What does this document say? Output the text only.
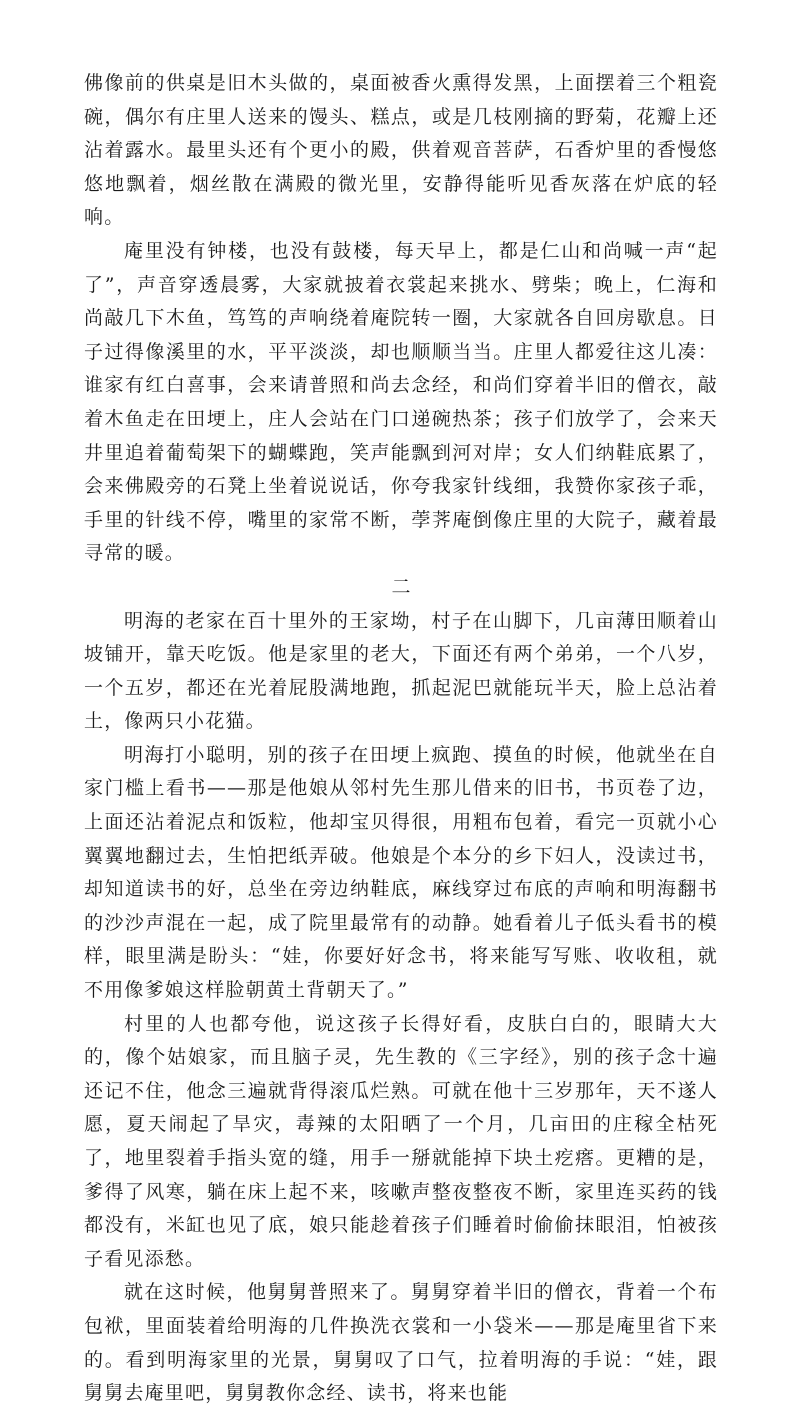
佛像前的供桌是旧木头做的，桌面被香火熏得发黑，上面摆着三个粗瓷碗，偶尔有庄里人送来的馒头、糕点，或是几枝刚摘的野菊，花瓣上还沾着露水。最里头还有个更小的殿，供着观音菩萨，石香炉里的香慢悠悠地飘着，烟丝散在满殿的微光里，安静得能听见香灰落在炉底的轻响。

庵里没有钟楼，也没有鼓楼，每天早上，都是仁山和尚喊一声“起了”，声音穿透晨雾，大家就披着衣裳起来挑水、劈柴；晚上，仁海和尚敲几下木鱼，笃笃的声响绕着庵院转一圈，大家就各自回房歇息。日子过得像溪里的水，平平淡淡，却也顺顺当当。庄里人都爱往这儿凑：谁家有红白喜事，会来请普照和尚去念经，和尚们穿着半旧的僧衣，敲着木鱼走在田埂上，庄人会站在门口递碗热茶；孩子们放学了，会来天井里追着葡萄架下的蝴蝶跑，笑声能飘到河对岸；女人们纳鞋底累了，会来佛殿旁的石凳上坐着说说话，你夸我家针线细，我赞你家孩子乖，手里的针线不停，嘴里的家常不断，荸荠庵倒像庄里的大院子，藏着最寻常的暖。

二

明海的老家在百十里外的王家坳，村子在山脚下，几亩薄田顺着山坡铺开，靠天吃饭。他是家里的老大，下面还有两个弟弟，一个八岁，一个五岁，都还在光着屁股满地跑，抓起泥巴就能玩半天，脸上总沾着土，像两只小花猫。

明海打小聪明，别的孩子在田埂上疯跑、摸鱼的时候，他就坐在自家门槛上看书——那是他娘从邻村先生那儿借来的旧书，书页卷了边，上面还沾着泥点和饭粒，他却宝贝得很，用粗布包着，看完一页就小心翼翼地翻过去，生怕把纸弄破。他娘是个本分的乡下妇人，没读过书，却知道读书的好，总坐在旁边纳鞋底，麻线穿过布底的声响和明海翻书的沙沙声混在一起，成了院里最常有的动静。她看着儿子低头看书的模样，眼里满是盼头：“娃，你要好好念书，将来能写写账、收收租，就不用像爹娘这样脸朝黄土背朝天了。”

村里的人也都夸他，说这孩子长得好看，皮肤白白的，眼睛大大的，像个姑娘家，而且脑子灵，先生教的《三字经》，别的孩子念十遍还记不住，他念三遍就背得滚瓜烂熟。可就在他十三岁那年，天不遂人愿，夏天闹起了旱灾，毒辣的太阳晒了一个月，几亩田的庄稼全枯死了，地里裂着手指头宽的缝，用手一掰就能掉下块土疙瘩。更糟的是，爹得了风寒，躺在床上起不来，咳嗽声整夜整夜不断，家里连买药的钱都没有，米缸也见了底，娘只能趁着孩子们睡着时偷偷抹眼泪，怕被孩子看见添愁。

就在这时候，他舅舅普照来了。舅舅穿着半旧的僧衣，背着一个布包袱，里面装着给明海的几件换洗衣裳和一小袋米——那是庵里省下来的。看到明海家里的光景，舅舅叹了口气，拉着明海的手说：“娃，跟舅舅去庵里吧，舅舅教你念经、读书，将来也能
